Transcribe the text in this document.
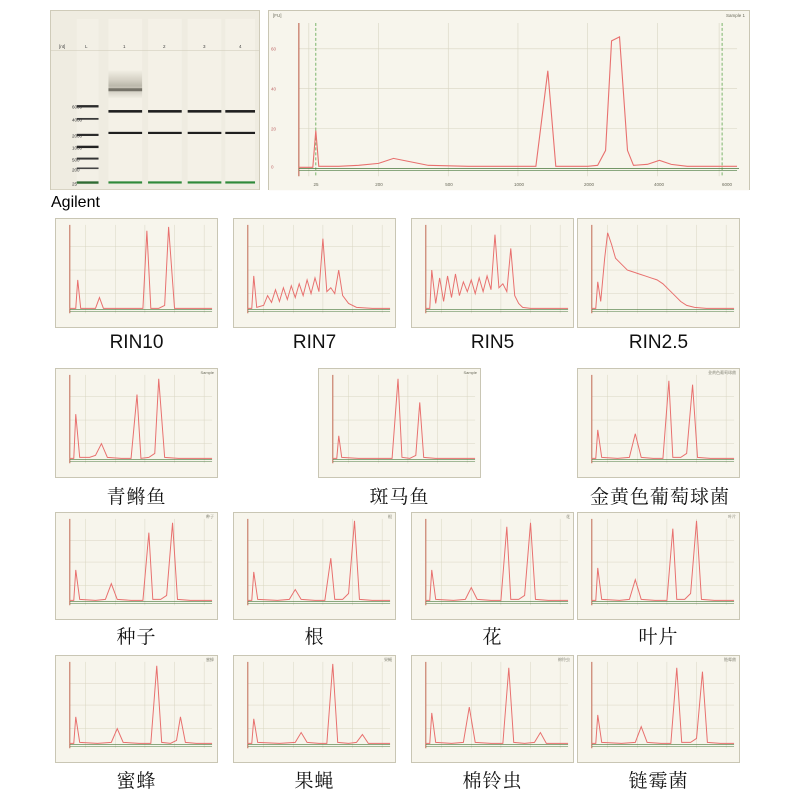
Agilent
[nt]	L	1	2	3	4
6000
4000
2000
1000
500
200
25
[FU]	Sample 1
60
40
20
0
25	200	500	1000	2000	4000	6000
RIN10	RIN7	RIN5	RIN2.5
Sample
青鳉鱼
Sample
斑马鱼
金黄色葡萄球菌
金黄色葡萄球菌
种子
种子
根
根
花
花
叶片
叶片
蜜蜂
蜜蜂
果蝇
果蝇
棉铃虫
棉铃虫
链霉菌
链霉菌
